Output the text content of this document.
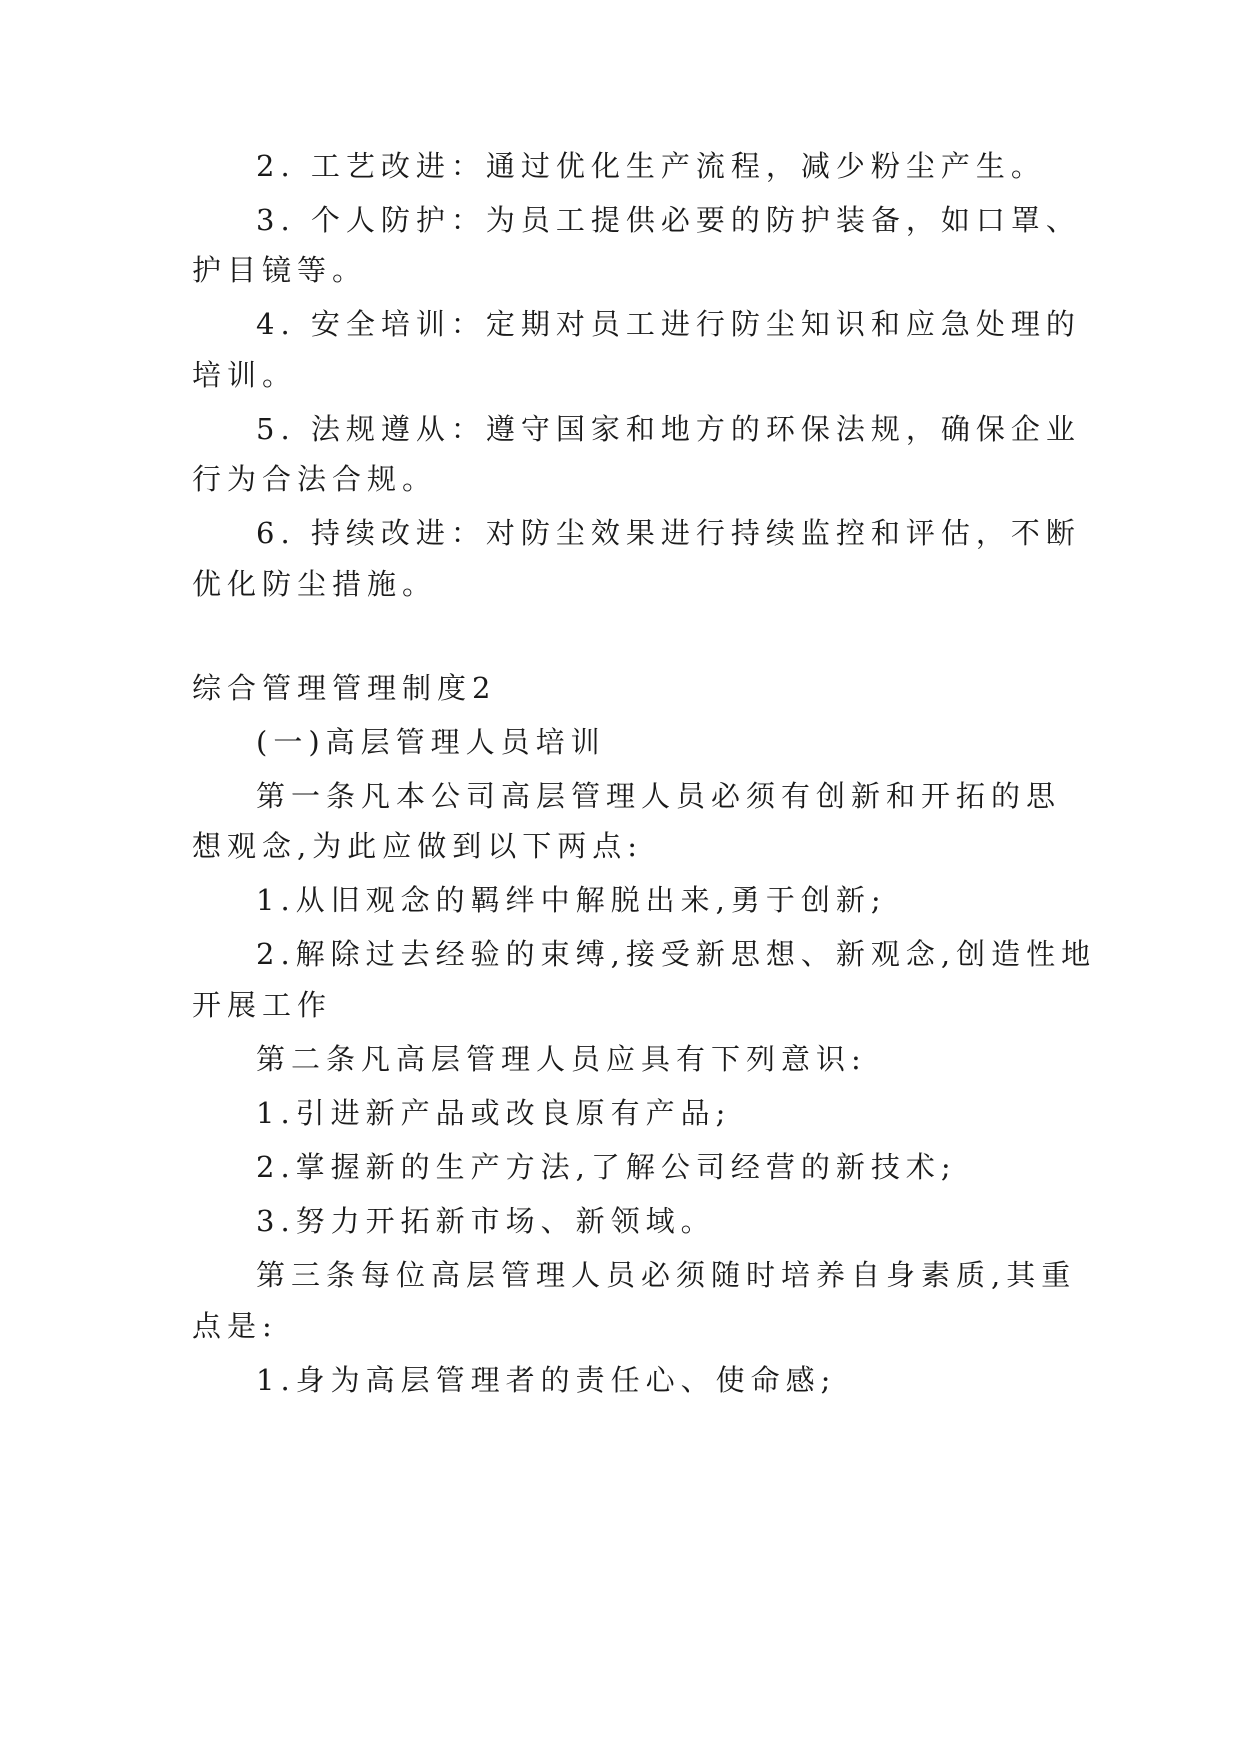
2. 工艺改进：通过优化生产流程，减少粉尘产生。
3. 个人防护：为员工提供必要的防护装备，如口罩、
护目镜等。
4. 安全培训：定期对员工进行防尘知识和应急处理的
培训。
5. 法规遵从：遵守国家和地方的环保法规，确保企业
行为合法合规。
6. 持续改进：对防尘效果进行持续监控和评估，不断
优化防尘措施。
综合管理管理制度2
(一)高层管理人员培训
第一条凡本公司高层管理人员必须有创新和开拓的思
想观念,为此应做到以下两点:
1.从旧观念的羁绊中解脱出来,勇于创新;
2.解除过去经验的束缚,接受新思想、新观念,创造性地
开展工作
第二条凡高层管理人员应具有下列意识:
1.引进新产品或改良原有产品;
2.掌握新的生产方法,了解公司经营的新技术;
3.努力开拓新市场、新领域。
第三条每位高层管理人员必须随时培养自身素质,其重
点是:
1.身为高层管理者的责任心、使命感;
